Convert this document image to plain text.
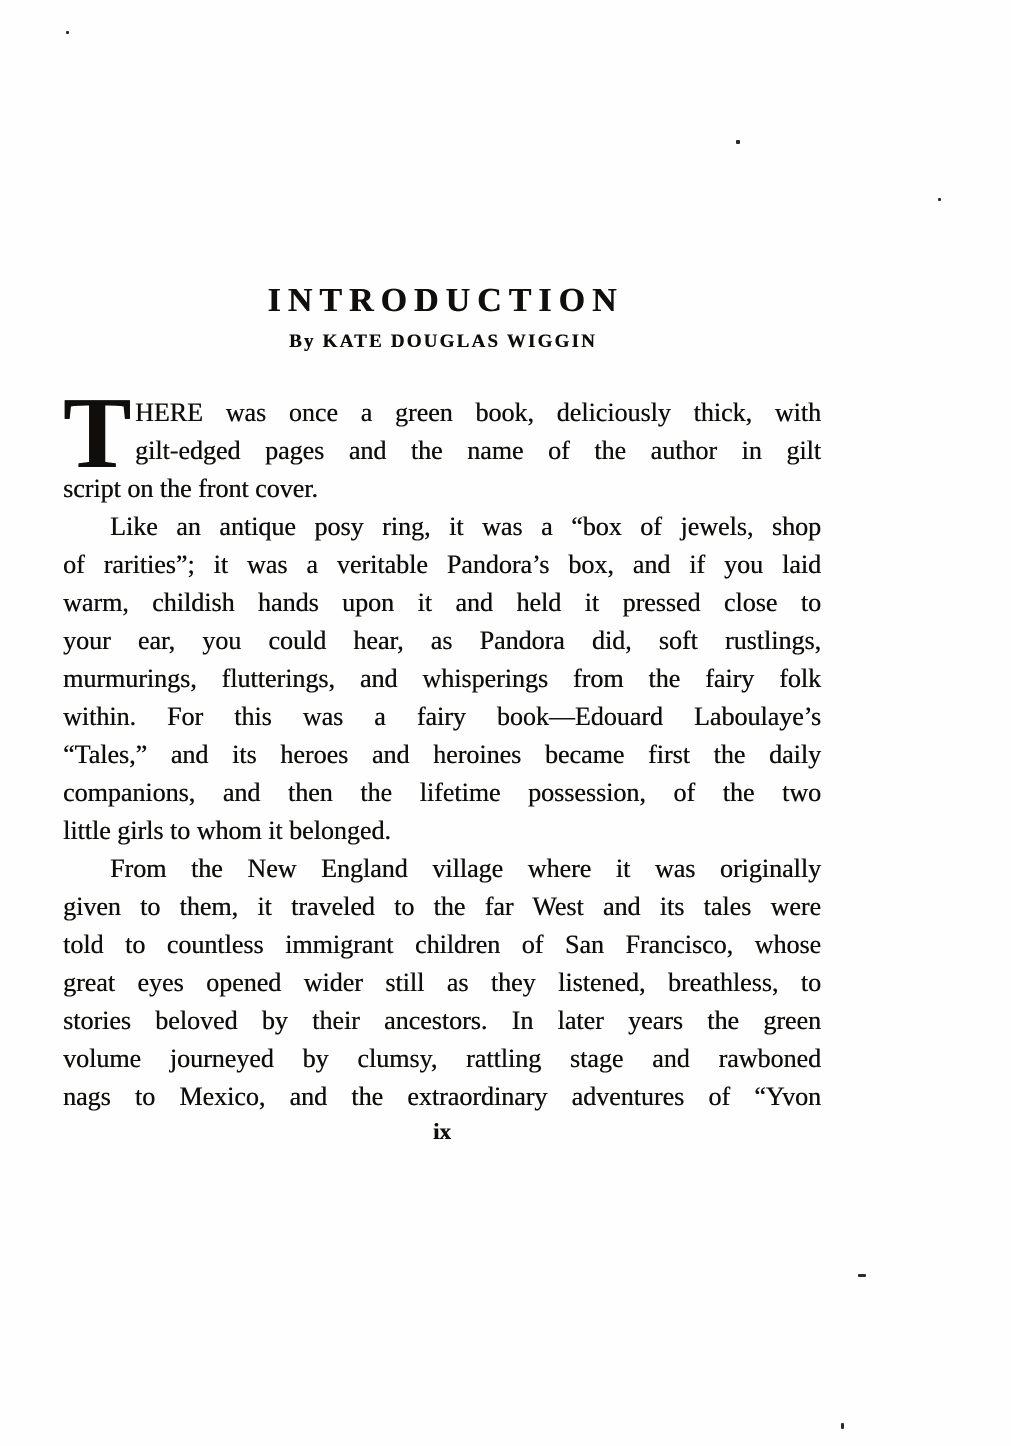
INTRODUCTION
By KATE DOUGLAS WIGGIN
T HERE was once a green book, deliciously thick, with
gilt-edged pages and the name of the author in gilt
script on the front cover.
Like an antique posy ring, it was a “box of jewels, shop
of rarities”; it was a veritable Pandora’s box, and if you laid
warm, childish hands upon it and held it pressed close to
your ear, you could hear, as Pandora did, soft rustlings,
murmurings, flutterings, and whisperings from the fairy folk
within. For this was a fairy book—Edouard Laboulaye’s
“Tales,” and its heroes and heroines became first the daily
companions, and then the lifetime possession, of the two
little girls to whom it belonged.
From the New England village where it was originally
given to them, it traveled to the far West and its tales were
told to countless immigrant children of San Francisco, whose
great eyes opened wider still as they listened, breathless, to
stories beloved by their ancestors. In later years the green
volume journeyed by clumsy, rattling stage and rawboned
nags to Mexico, and the extraordinary adventures of “Yvon
ix
